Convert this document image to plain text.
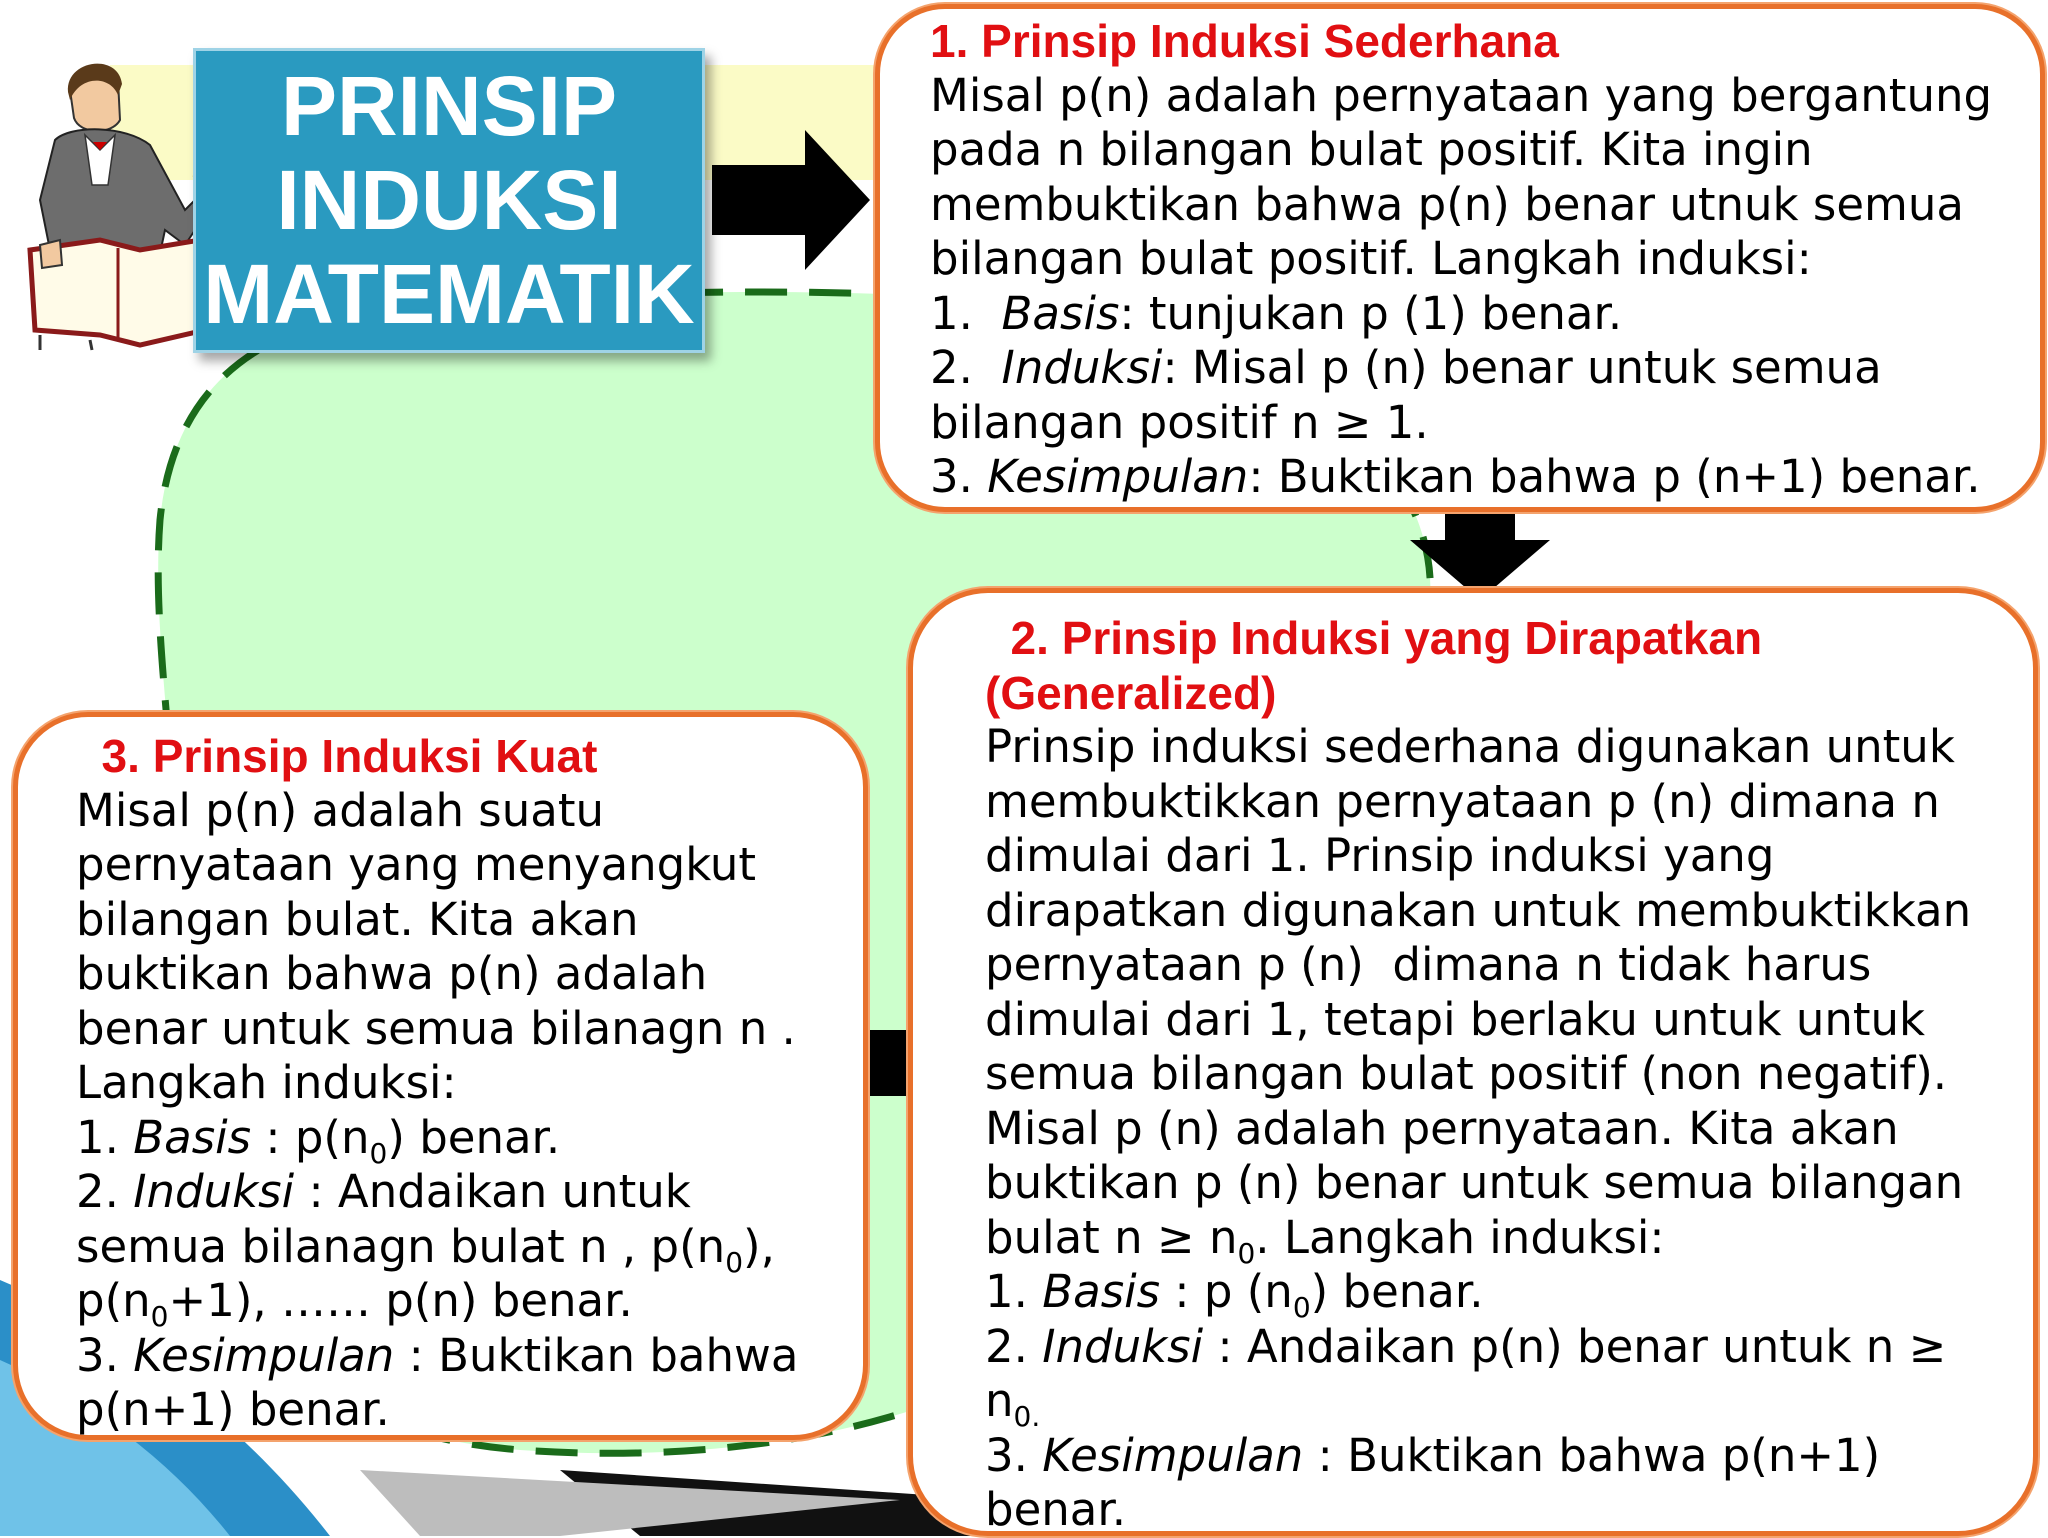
PRINSIP
INDUKSI
MATEMATIK
1. Prinsip Induksi Sederhana
Misal p(n) adalah pernyataan yang bergantung
pada n bilangan bulat positif. Kita ingin
membuktikan bahwa p(n) benar utnuk semua
bilangan bulat positif. Langkah induksi:
1.  Basis: tunjukan p (1) benar.
2.  Induksi: Misal p (n) benar untuk semua
bilangan positif n ≥ 1.
3. Kesimpulan: Buktikan bahwa p (n+1) benar.
2. Prinsip Induksi yang Dirapatkan
(Generalized)
Prinsip induksi sederhana digunakan untuk
membuktikkan pernyataan p (n) dimana n
dimulai dari 1. Prinsip induksi yang
dirapatkan digunakan untuk membuktikkan
pernyataan p (n)  dimana n tidak harus
dimulai dari 1, tetapi berlaku untuk untuk
semua bilangan bulat positif (non negatif).
Misal p (n) adalah pernyataan. Kita akan
buktikan p (n) benar untuk semua bilangan
bulat $n \ge n_0$. Langkah induksi:
1. Basis : p $(n_0)$ benar.
2. Induksi : Andaikan p(n) benar untuk n ≥
$n_{0.}$
3. Kesimpulan : Buktikan bahwa p(n+1)
benar.
3. Prinsip Induksi Kuat
Misal p(n) adalah suatu
pernyataan yang menyangkut
bilangan bulat. Kita akan
buktikan bahwa p(n) adalah
benar untuk semua bilanagn n .
Langkah induksi:
1. Basis : $p(n_0)$ benar.
2. Induksi : Andaikan untuk
semua bilanagn bulat n , $p(n_0)$,
$p(n_0+1)$, …… p(n) benar.
3. Kesimpulan : Buktikan bahwa
p(n+1) benar.
